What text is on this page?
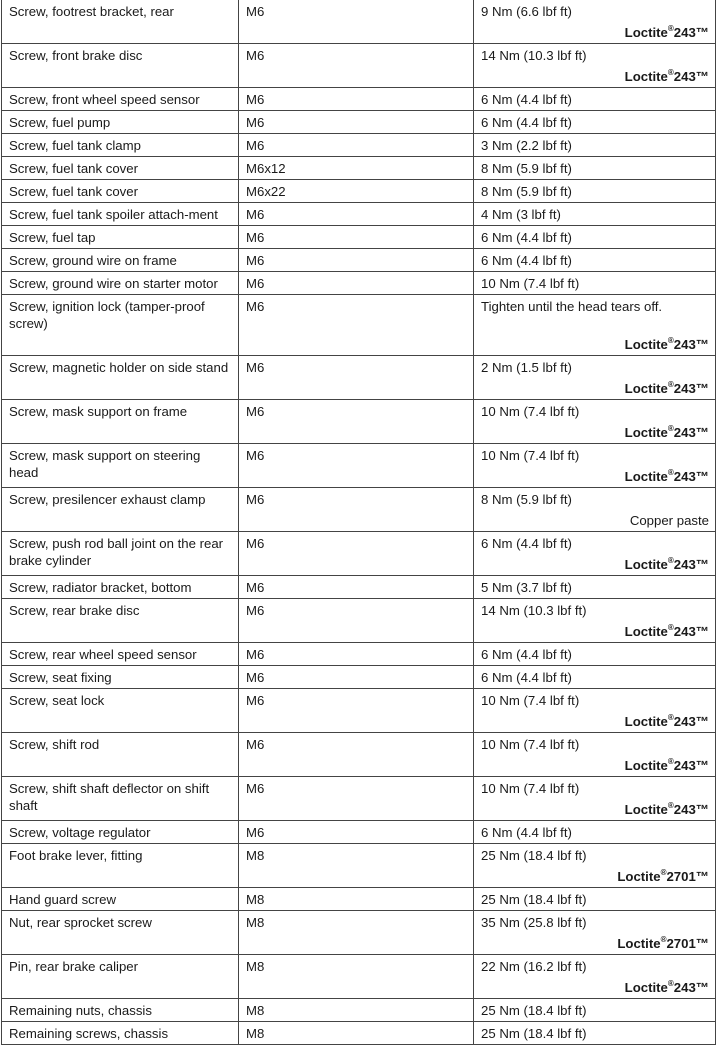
Screw, footrest bracket, rear	M6	9 Nm (6.6 lbf ft)
Loctite®243™

Screw, front brake disc	M6	14 Nm (10.3 lbf ft)
Loctite®243™

Screw, front wheel speed sensor	M6	6 Nm (4.4 lbf ft)

Screw, fuel pump	M6	6 Nm (4.4 lbf ft)

Screw, fuel tank clamp	M6	3 Nm (2.2 lbf ft)

Screw, fuel tank cover	M6x12	8 Nm (5.9 lbf ft)

Screw, fuel tank cover	M6x22	8 Nm (5.9 lbf ft)

Screw, fuel tank spoiler attach-ment	M6	4 Nm (3 lbf ft)

Screw, fuel tap	M6	6 Nm (4.4 lbf ft)

Screw, ground wire on frame	M6	6 Nm (4.4 lbf ft)

Screw, ground wire on starter motor	M6	10 Nm (7.4 lbf ft)

Screw, ignition lock (tamper-proof screw)	M6	Tighten until the head tears off.
Loctite®243™

Screw, magnetic holder on side stand	M6	2 Nm (1.5 lbf ft)
Loctite®243™

Screw, mask support on frame	M6	10 Nm (7.4 lbf ft)
Loctite®243™

Screw, mask support on steering head	M6	10 Nm (7.4 lbf ft)
Loctite®243™

Screw, presilencer exhaust clamp	M6	8 Nm (5.9 lbf ft)
Copper paste

Screw, push rod ball joint on the rear brake cylinder	M6	6 Nm (4.4 lbf ft)
Loctite®243™

Screw, radiator bracket, bottom	M6	5 Nm (3.7 lbf ft)

Screw, rear brake disc	M6	14 Nm (10.3 lbf ft)
Loctite®243™

Screw, rear wheel speed sensor	M6	6 Nm (4.4 lbf ft)

Screw, seat fixing	M6	6 Nm (4.4 lbf ft)

Screw, seat lock	M6	10 Nm (7.4 lbf ft)
Loctite®243™

Screw, shift rod	M6	10 Nm (7.4 lbf ft)
Loctite®243™

Screw, shift shaft deflector on shift shaft	M6	10 Nm (7.4 lbf ft)
Loctite®243™

Screw, voltage regulator	M6	6 Nm (4.4 lbf ft)

Foot brake lever, fitting	M8	25 Nm (18.4 lbf ft)
Loctite®2701™

Hand guard screw	M8	25 Nm (18.4 lbf ft)

Nut, rear sprocket screw	M8	35 Nm (25.8 lbf ft)
Loctite®2701™

Pin, rear brake caliper	M8	22 Nm (16.2 lbf ft)
Loctite®243™

Remaining nuts, chassis	M8	25 Nm (18.4 lbf ft)

Remaining screws, chassis	M8	25 Nm (18.4 lbf ft)
